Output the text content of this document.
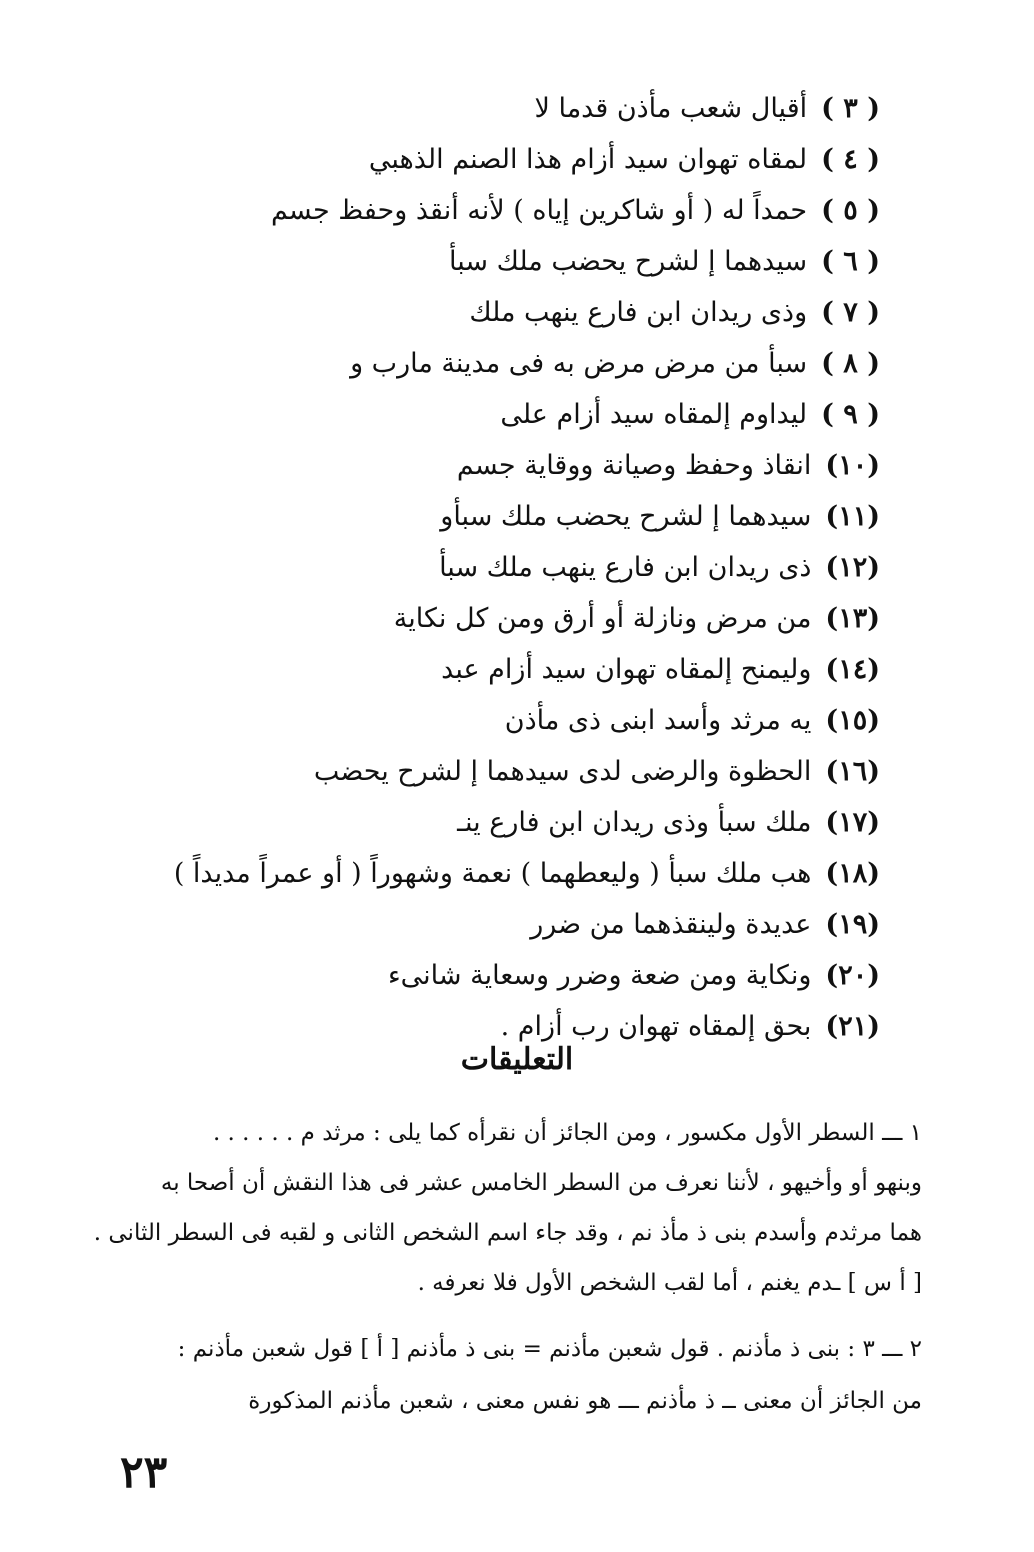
( ٣ )أقيال شعب مأذن قدما لا
( ٤ )لمقاه تهوان سيد أزام هذا الصنم الذهبي
( ٥ )حمداً له ( أو شاكرين إياه ) لأنه أنقذ وحفظ جسم
( ٦ )سيدهما إ لشرح يحضب ملك سبأ
( ٧ )وذى ريدان ابن فارع ينهب ملك
( ٨ )سبأ من مرض مرض به فى مدينة مارب و
( ٩ )ليداوم إلمقاه سيد أزام على
(١٠)انقاذ وحفظ وصيانة ووقاية جسم
(١١)سيدهما إ لشرح يحضب ملك سبأو
(١٢)ذى ريدان ابن فارع ينهب ملك سبأ
(١٣)من مرض ونازلة أو أرق ومن كل نكاية
(١٤)وليمنح إلمقاه تهوان سيد أزام عبد
(١٥)يه مرثد وأسد ابنى ذى مأذن
(١٦)الحظوة والرضى لدى سيدهما إ لشرح يحضب
(١٧)ملك سبأ وذى ريدان ابن فارع ينـ
(١٨)هب ملك سبأ ( وليعطهما ) نعمة وشهوراً ( أو عمراً مديداً )
(١٩)عديدة ولينقذهما من ضرر
(٢٠)ونكاية ومن ضعة وضرر وسعاية شانىء
(٢١)بحق إلمقاه تهوان رب أزام .
التعليقات
١ ـــ السطر الأول مكسور ، ومن الجائز أن نقرأه كما يلى : مرثد م . . . . . .
وبنهو أو وأخيهو ، لأننا نعرف من السطر الخامس عشر فى هذا النقش أن أصحا به
هما مرثدم وأسدم بنى ذ مأذ نم ، وقد جاء اسم الشخص الثانى و لقبه فى السطر الثانى .
[ أ س ] ـدم يغنم ، أما لقب الشخص الأول فلا نعرفه .
٢ ـــ ٣ : بنى ذ مأذنم . قول شعبن مأذنم = بنى ذ مأذنم [ أ ] قول شعبن مأذنم :
من الجائز أن معنى ــ ذ مأذنم ـــ هو نفس معنى ، شعبن مأذنم المذكورة
٢٣
